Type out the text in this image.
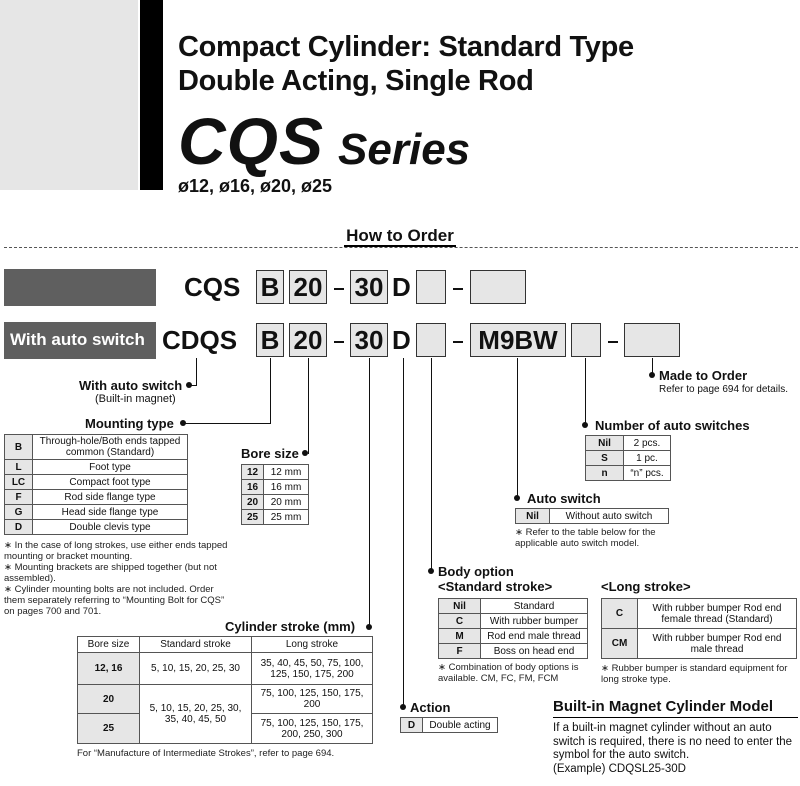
Compact Cylinder: Standard Type
Double Acting, Single Rod
CQS Series
ø12, ø16, ø20, ø25
How to Order
With auto switch
CQS B 20 30 D
CDQS B 20 30 D	M9BW
With auto switch
(Built-in magnet)
Mounting type
B	Through-hole/Both ends tapped common (Standard)
L	Foot type
LC	Compact foot type
F	Rod side flange type
G	Head side flange type
D	Double clevis type
∗ In the case of long strokes, use either ends tapped mounting or bracket mounting.
∗ Mounting brackets are shipped together (but not assembled).
∗ Cylinder mounting bolts are not included. Order them separately referring to “Mounting Bolt for CQS” on pages 700 and 701.
Bore size
12	12 mm
16	16 mm
20	20 mm
25	25 mm
Cylinder stroke (mm)
Bore size	Standard stroke	Long stroke
12, 16	5, 10, 15, 20, 25, 30	35, 40, 45, 50, 75, 100, 125, 150, 175, 200
20	5, 10, 15, 20, 25, 30, 35, 40, 45, 50	75, 100, 125, 150, 175, 200
25		75, 100, 125, 150, 175, 200, 250, 300
For “Manufacture of Intermediate Strokes”, refer to page 694.
Action
D	Double acting
Body option
<Standard stroke>
Nil	Standard
C	With rubber bumper
M	Rod end male thread
F	Boss on head end
∗ Combination of body options is available. CM, FC, FM, FCM
<Long stroke>
C	With rubber bumper Rod end female thread (Standard)
CM	With rubber bumper Rod end male thread
∗ Rubber bumper is standard equipment for long stroke type.
Auto switch
Nil	Without auto switch
∗ Refer to the table below for the applicable auto switch model.
Number of auto switches
Nil	2 pcs.
S	1 pc.
n	“n” pcs.
Made to Order
Refer to page 694 for details.
Built-in Magnet Cylinder Model
If a built-in magnet cylinder without an auto switch is required, there is no need to enter the symbol for the auto switch.
(Example) CDQSL25-30D
